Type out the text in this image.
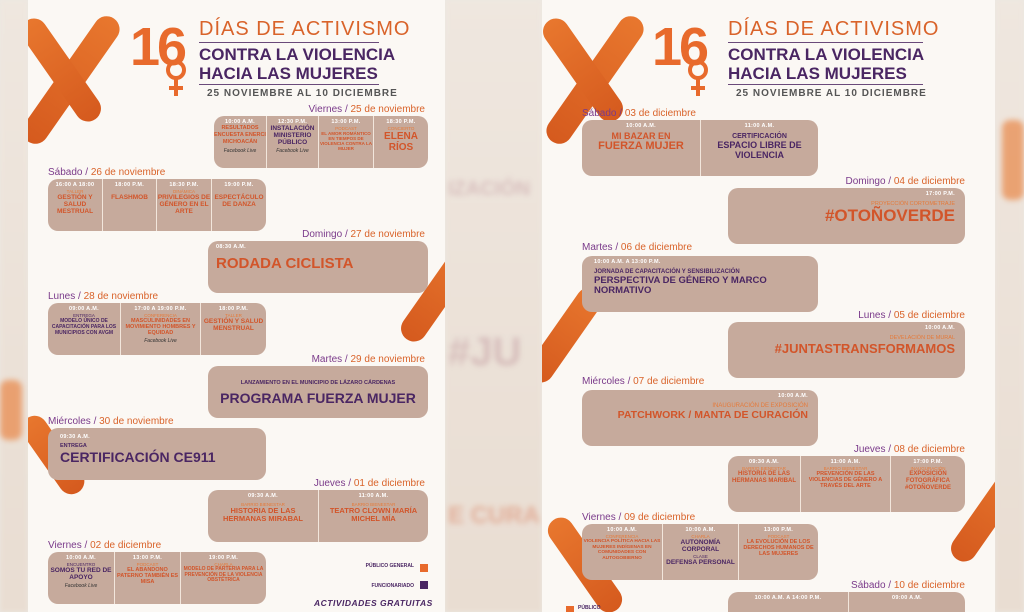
#JU
IZACIÓN
E CURA
16 DÍAS DE ACTIVISMO
CONTRA LA VIOLENCIA
HACIA LAS MUJERES
25 NOVIEMBRE AL 10 DICIEMBRE
Viernes / 25 de noviembre
10:00 A.M.
RESULTADOS ENCUESTA ENERCI MICHOACÁN
Facebook Live
12:30 P.M.
INSTALACIÓN MINISTERIO PÚBLICO
Facebook Live
13:00 P.M.
PODCAST
EL AMOR ROMÁNTICO EN TIEMPOS DE VIOLENCIA CONTRA LA MUJER
18:30 P.M.
CONCIERTO
ELENA RÍOS
Sábado / 26 de noviembre
16:00 A 18:00
TALLER
GESTIÓN Y SALUD MESTRUAL
18:00 P.M.
FLASHMOB
18:30 P.M.
DINÁMICA
PRIVILEGIOS DE GÉNERO EN EL ARTE
19:00 P.M.
ESPECTÁCULO DE DANZA
Domingo / 27 de noviembre
08:30 A.M.
RODADA CICLISTA
Lunes / 28 de noviembre
09:00 A.M.
ENTREGA
MODELO ÚNICO DE CAPACITACIÓN PARA LOS MUNICIPIOS CON AVGM
17:00 A 19:00 P.M.
CONFERENCIA
MASCULINIDADES EN MOVIMIENTO HOMBRES Y EQUIDAD
Facebook Live
18:00 P.M.
TALLER
GESTIÓN Y SALUD MENSTRUAL
Martes / 29 de noviembre
LANZAMIENTO EN EL MUNICIPIO DE LÁZARO CÁRDENAS
PROGRAMA FUERZA MUJER
Miércoles / 30 de noviembre
09:30 A.M.
ENTREGA
CERTIFICACIÓN CE911
Jueves / 01 de diciembre
09:30 A.M.
BARRIO BIENESTAR
HISTORIA DE LAS HERMANAS MIRABAL
11:00 A.M.
BARRIO BIENESTAR
TEATRO CLOWN MARÍA MICHEL MÍA
Viernes / 02 de diciembre
10:00 A.M.
ENCUENTRO
SOMOS TU RED DE APOYO
Facebook Live
13:00 P.M.
PODCAST
EL ABANDONO PATERNO TAMBIÉN ES MISA
19:00 P.M.
CHARLA
MODELO DE PARTERIA PARA LA PREVENCIÓN DE LA VIOLENCIA OBSTÉTRICA
PÚBLICO GENERAL
FUNCIONARIADO
ACTIVIDADES GRATUITAS
16 DÍAS DE ACTIVISMO
CONTRA LA VIOLENCIA
HACIA LAS MUJERES
25 NOVIEMBRE AL 10 DICIEMBRE
Sábado / 03 de diciembre
10:00 A.M.
MI BAZAR EN
FUERZA MUJER
11:00 A.M.
CERTIFICACIÓN
ESPACIO LIBRE DE VIOLENCIA
Domingo / 04 de diciembre
17:00 P.M.
PROYECCIÓN CORTOMETRAJE
#OTOÑOVERDE
Martes / 06 de diciembre
10:00 A.M. A 13:00 P.M.
JORNADA DE CAPACITACIÓN Y SENSIBILIZACIÓN
PERSPECTIVA DE GÉNERO Y MARCO NORMATIVO
Lunes / 05 de diciembre
10:00 A.M.
DEVELACIÓN DE MURAL
#JUNTASTRANSFORMAMOS
Miércoles / 07 de diciembre
10:00 A.M.
INAUGURACIÓN DE EXPOSICIÓN
PATCHWORK / MANTA DE CURACIÓN
Jueves / 08 de diciembre
09:30 A.M.
BARRIO BIENESTAR
HISTORIA DE LAS HERMANAS MARIBAL
11:00 A.M.
BARRIO BIENESTAR
PREVENCIÓN DE LAS VIOLENCIAS DE GÉNERO A TRAVÉS DEL ARTE
17:00 P.M.
INAUGURACIÓN
EXPOSICIÓN FOTOGRÁFICA #OTOÑOVERDE
Viernes / 09 de diciembre
10:00 A.M.
CONFERENCIA
VIOLENCIA POLÍTICA HACIA LAS MUJERES INDÍGENAS EN COMUNIDADES CON AUTOGOBIERNO
10:00 A.M.
CHARLA
AUTONOMÍA CORPORAL
CLASE
DEFENSA PERSONAL
13:00 P.M.
PODCAST
LA EVOLUCIÓN DE LOS DERECHOS HUMANOS DE LAS MUJERES
Sábado / 10 de diciembre
10:00 A.M. A 14:00 P.M.	09:00 A.M.
PÚBLICO
